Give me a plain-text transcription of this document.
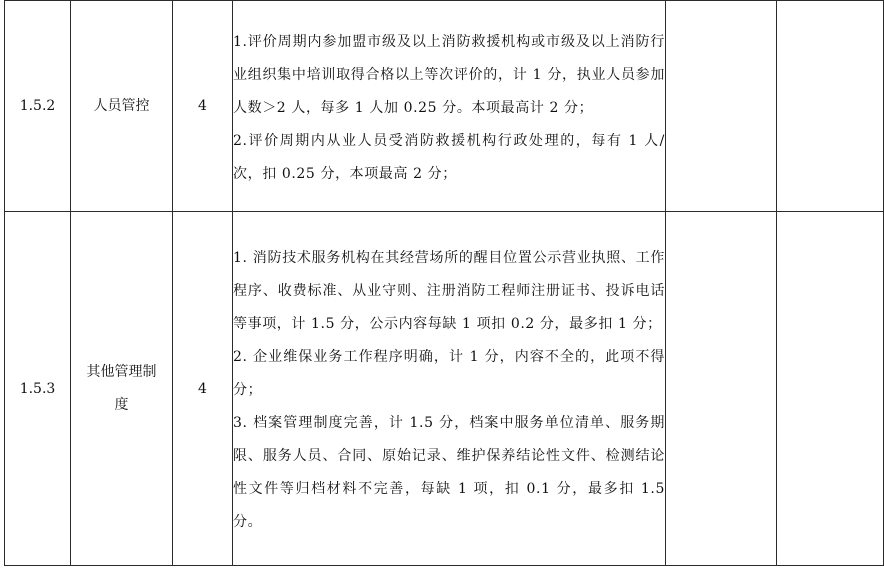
1.5.2	人员管控	4	1.评价周期内参加盟市级及以上消防救援机构或市级及以上消防行业组织集中培训取得合格以上等次评价的，计 1 分，执业人员参加人数＞2 人，每多 1 人加 0.25 分。本项最高计 2 分；

2.评价周期内从业人员受消防救援机构行政处理的，每有 1 人/次，扣 0.25 分，本项最高 2 分；		

1.5.3	其他管理制度	4	1. 消防技术服务机构在其经营场所的醒目位置公示营业执照、工作程序、收费标准、从业守则、注册消防工程师注册证书、投诉电话等事项，计 1.5 分，公示内容每缺 1 项扣 0.2 分，最多扣 1 分；

2. 企业维保业务工作程序明确，计 1 分，内容不全的，此项不得分；

3. 档案管理制度完善，计 1.5 分，档案中服务单位清单、服务期限、服务人员、合同、原始记录、维护保养结论性文件、检测结论性文件等归档材料不完善，每缺 1 项，扣 0.1 分，最多扣 1.5 分。		
